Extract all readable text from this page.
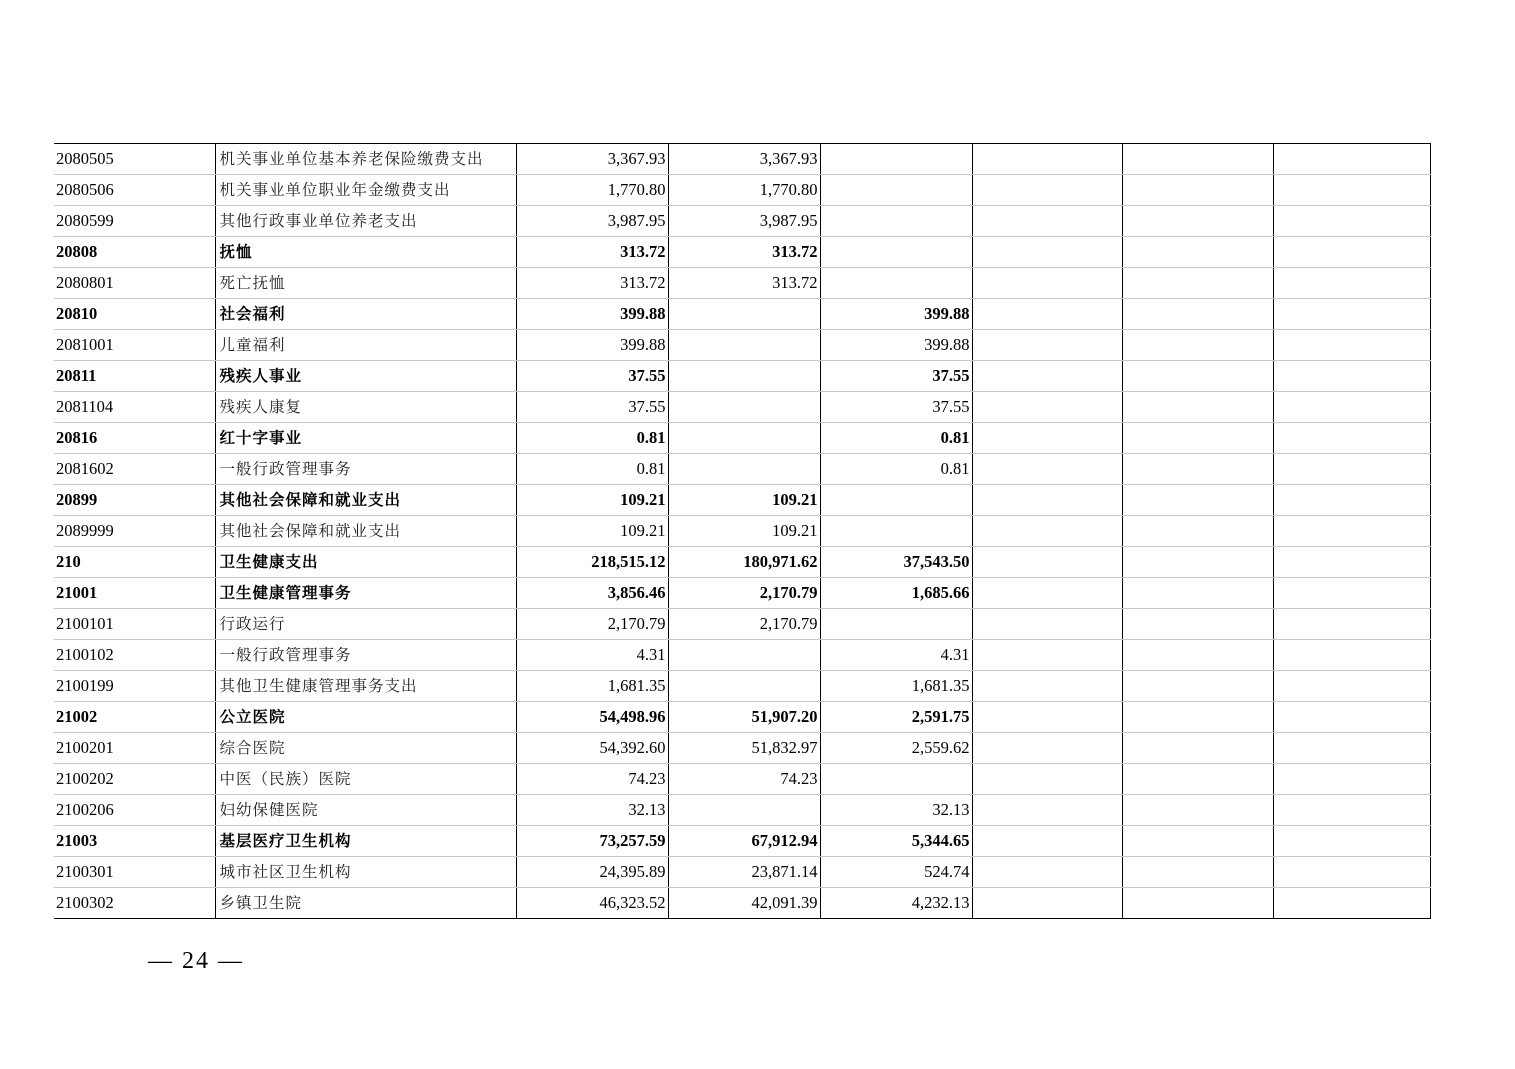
2080505	机关事业单位基本养老保险缴费支出	3,367.93	3,367.93				
2080506	机关事业单位职业年金缴费支出	1,770.80	1,770.80				
2080599	其他行政事业单位养老支出	3,987.95	3,987.95				
20808	抚恤	313.72	313.72				
2080801	死亡抚恤	313.72	313.72				
20810	社会福利	399.88		399.88			
2081001	儿童福利	399.88		399.88			
20811	残疾人事业	37.55		37.55			
2081104	残疾人康复	37.55		37.55			
20816	红十字事业	0.81		0.81			
2081602	一般行政管理事务	0.81		0.81			
20899	其他社会保障和就业支出	109.21	109.21				
2089999	其他社会保障和就业支出	109.21	109.21				
210	卫生健康支出	218,515.12	180,971.62	37,543.50			
21001	卫生健康管理事务	3,856.46	2,170.79	1,685.66			
2100101	行政运行	2,170.79	2,170.79				
2100102	一般行政管理事务	4.31		4.31			
2100199	其他卫生健康管理事务支出	1,681.35		1,681.35			
21002	公立医院	54,498.96	51,907.20	2,591.75			
2100201	综合医院	54,392.60	51,832.97	2,559.62			
2100202	中医（民族）医院	74.23	74.23				
2100206	妇幼保健医院	32.13		32.13			
21003	基层医疗卫生机构	73,257.59	67,912.94	5,344.65			
2100301	城市社区卫生机构	24,395.89	23,871.14	524.74			
2100302	乡镇卫生院	46,323.52	42,091.39	4,232.13			
— 24 —
